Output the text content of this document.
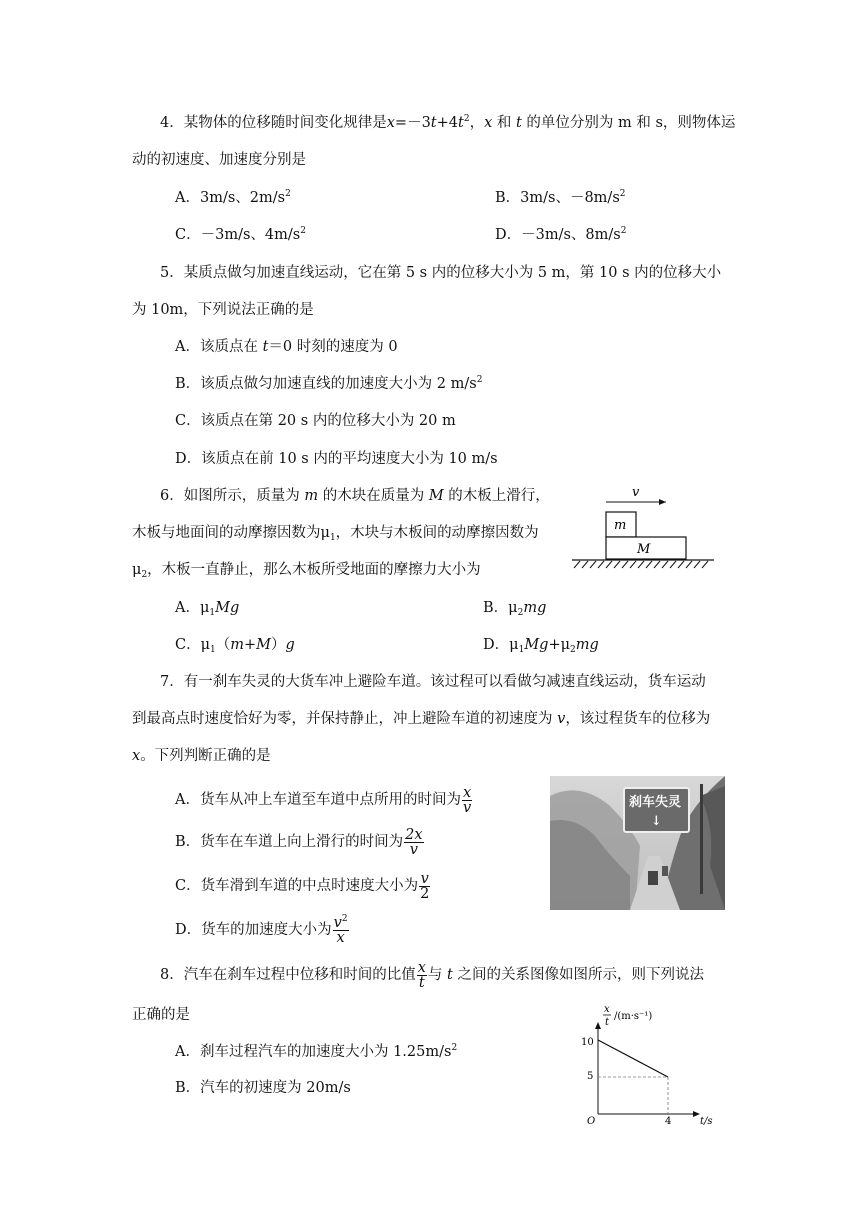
4．某物体的位移随时间变化规律是$x=-3t+4t^2$，x 和 t 的单位分别为 m 和 s，则物体运
动的初速度、加速度分别是
A．3m/s、$2m/s^2$	B．3m/s、$-8m/s^2$
C．－3m/s、$4m/s^2$	D．－3m/s、$8m/s^2$
5．某质点做匀加速直线运动，它在第 5 s 内的位移大小为 5 m，第 10 s 内的位移大小
为 10m，下列说法正确的是
A．该质点在 t＝0 时刻的速度为 0
B．该质点做匀加速直线的加速度大小为 2 $m/s^2$
C．该质点在第 20 s 内的位移大小为 20 m
D．该质点在前 10 s 内的平均速度大小为 10 m/s
6．如图所示，质量为 m 的木块在质量为 M 的木板上滑行，
木板与地面间的动摩擦因数为$\mu_1$，木块与木板间的动摩擦因数为
$\mu_2$，木板一直静止，那么木板所受地面的摩擦力大小为
A．$\mu_1Mg$	B．$\mu_2mg$
C．$\mu_1(m+M)g$	D．$\mu_1Mg+\mu_2mg$
v
m
M
7．有一刹车失灵的大货车冲上避险车道。该过程可以看做匀减速直线运动，货车运动
到最高点时速度恰好为零，并保持静止，冲上避险车道的初速度为 v，该过程货车的位移为
x。下列判断正确的是
A．货车从冲上车道至车道中点所用的时间为 $\frac{x}{v}$
B．货车在车道上向上滑行的时间为 $\frac{2x}{v}$
C．货车滑到车道的中点时速度大小为 $\frac{v}{2}$
D．货车的加速度大小为 $\frac{v^2}{x}$
刹车失灵
↓
8．汽车在刹车过程中位移和时间的比值 $\frac{x}{t}$ 与 t 之间的关系图像如图所示，则下列说法
正确的是
A．刹车过程汽车的加速度大小为 $1.25m/s^2$
B．汽车的初速度为 20m/s
x
t
/(m·s⁻¹)
10
5
O	4	t/s
